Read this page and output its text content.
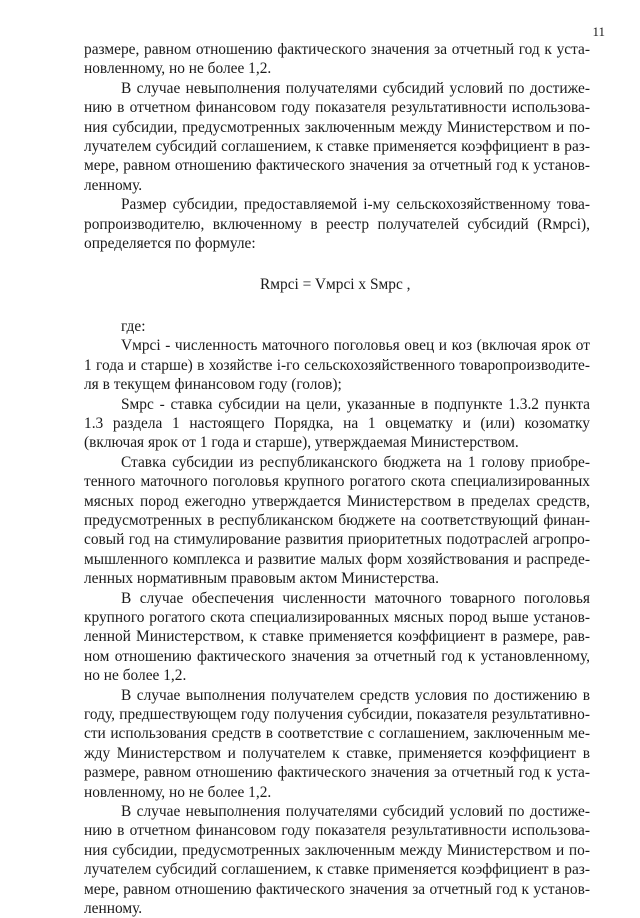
11

размере, равном отношению фактического значения за отчетный год к установленному, но не более 1,2.

В случае невыполнения получателями субсидий условий по достижению в отчетном финансовом году показателя результативности использования субсидии, предусмотренных заключенным между Министерством и получателем субсидий соглашением, к ставке применяется коэффициент в размере, равном отношению фактического значения за отчетный год к установленному.

Размер субсидии, предоставляемой i-му сельскохозяйственному товаропроизводителю, включенному в реестр получателей субсидий (Rмрсi), определяется по формуле:

Rмрсi = Vмрсi х Sмрс ,

где:

Vмрсi - численность маточного поголовья овец и коз (включая ярок от 1 года и старше) в хозяйстве i-го сельскохозяйственного товаропроизводителя в текущем финансовом году (голов);

Sмрс - ставка субсидии на цели, указанные в подпункте 1.3.2 пункта 1.3 раздела 1 настоящего Порядка, на 1 овцематку и (или) козоматку (включая ярок от 1 года и старше), утверждаемая Министерством.

Ставка субсидии из республиканского бюджета на 1 голову приобретенного маточного поголовья крупного рогатого скота специализированных мясных пород ежегодно утверждается Министерством в пределах средств, предусмотренных в республиканском бюджете на соответствующий финансовый год на стимулирование развития приоритетных подотраслей агропромышленного комплекса и развитие малых форм хозяйствования и распределенных нормативным правовым актом Министерства.

В случае обеспечения численности маточного товарного поголовья крупного рогатого скота специализированных мясных пород выше установленной Министерством, к ставке применяется коэффициент в размере, равном отношению фактического значения за отчетный год к установленному, но не более 1,2.

В случае выполнения получателем средств условия по достижению в году, предшествующем году получения субсидии, показателя результативности использования средств в соответствие с соглашением, заключенным между Министерством и получателем к ставке, применяется коэффициент в размере, равном отношению фактического значения за отчетный год к установленному, но не более 1,2.

В случае невыполнения получателями субсидий условий по достижению в отчетном финансовом году показателя результативности использования субсидии, предусмотренных заключенным между Министерством и получателем субсидий соглашением, к ставке применяется коэффициент в размере, равном отношению фактического значения за отчетный год к установленному.
